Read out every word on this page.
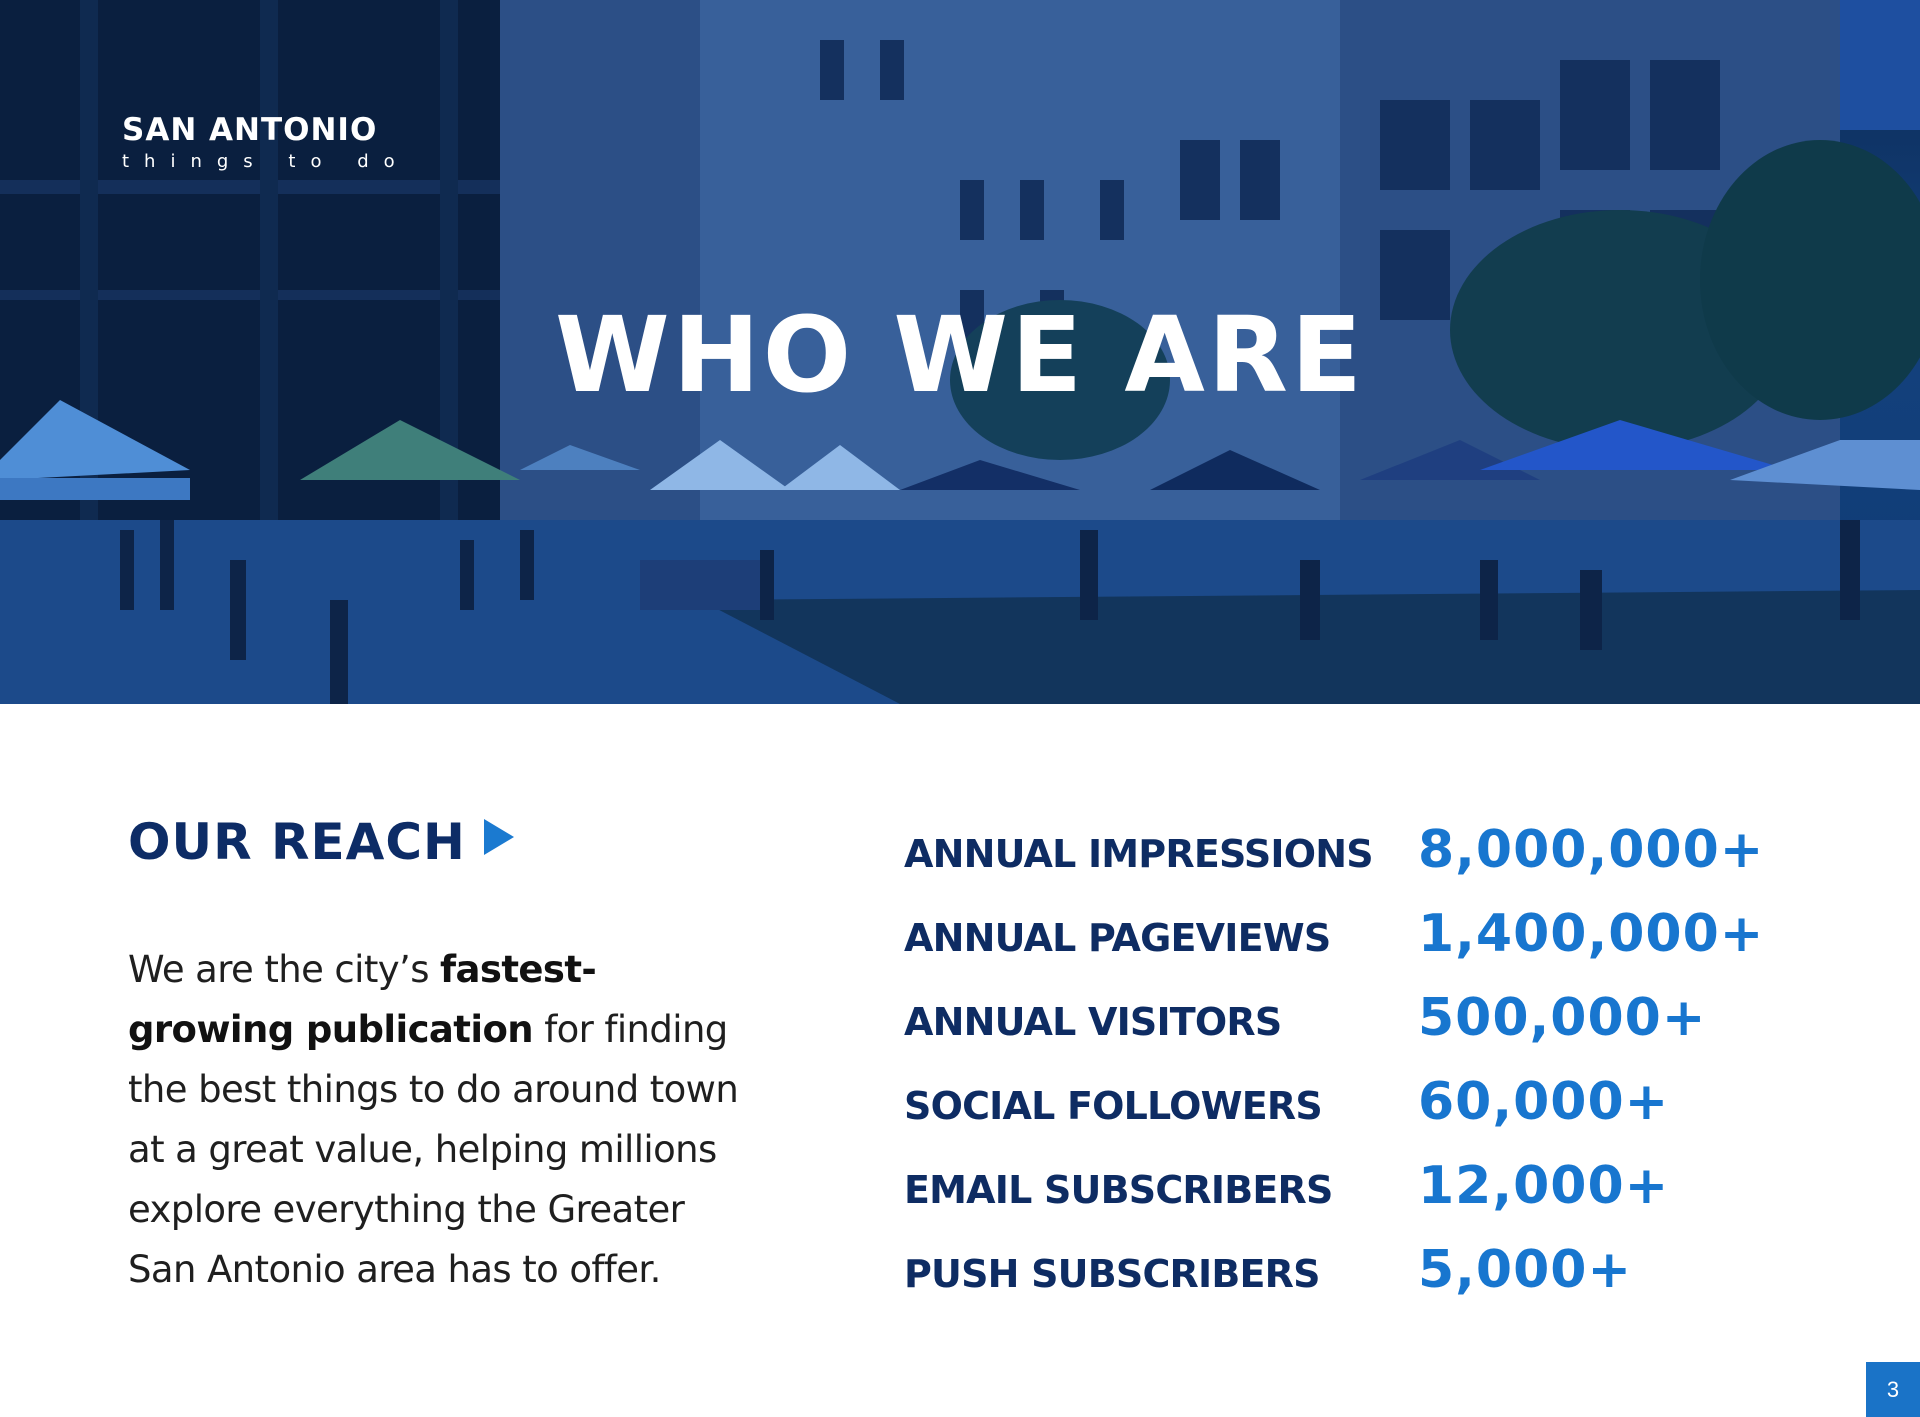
SAN ANTONIO
things to do
WHO WE ARE
OUR REACH
We are the city’s fastest-growing publication for finding the best things to do around town at a great value, helping millions explore everything the Greater San Antonio area has to offer.
ANNUAL IMPRESSIONS 8,000,000+
ANNUAL PAGEVIEWS 1,400,000+
ANNUAL VISITORS	500,000+
SOCIAL FOLLOWERS 60,000+
EMAIL SUBSCRIBERS 12,000+
PUSH SUBSCRIBERS 5,000+
3
